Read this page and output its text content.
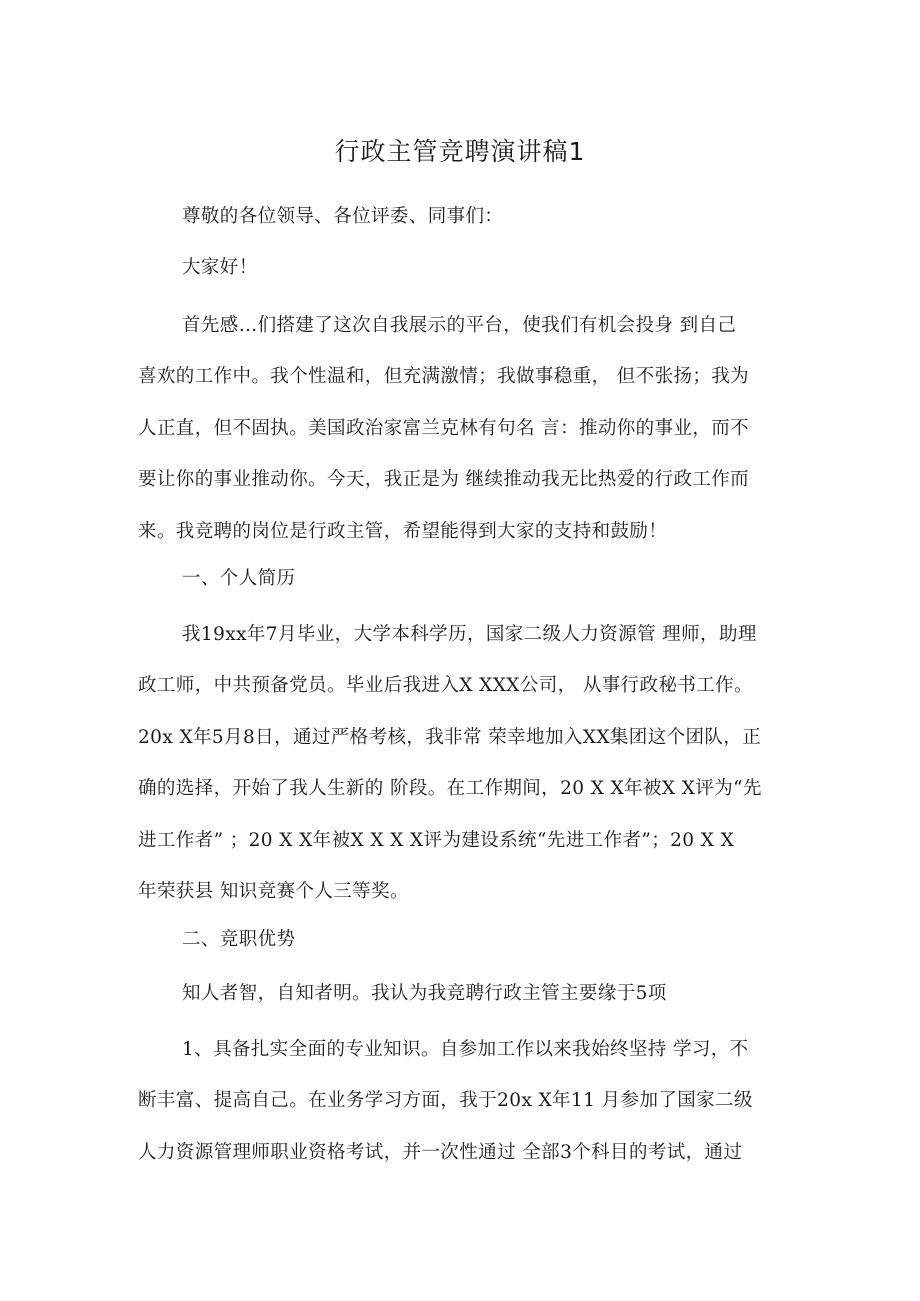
行政主管竞聘演讲稿1
尊敬的各位领导、各位评委、同事们：
大家好！
首先感…们搭建了这次自我展示的平台，使我们有机会投身 到自己
喜欢的工作中。我个性温和，但充满激情；我做事稳重， 但不张扬；我为
人正直，但不固执。美国政治家富兰克林有句名 言：推动你的事业，而不
要让你的事业推动你。今天，我正是为 继续推动我无比热爱的行政工作而
来。我竞聘的岗位是行政主管，希望能得到大家的支持和鼓励！
一、个人简历
我19xx年7月毕业，大学本科学历，国家二级人力资源管 理师，助理
政工师，中共预备党员。毕业后我进入X XXX公司， 从事行政秘书工作。
20x X年5月8日，通过严格考核，我非常 荣幸地加入XX集团这个团队，正
确的选择，开始了我人生新的 阶段。在工作期间，20 X X年被X X评为“先
进工作者” ；20 X X年被X X X X评为建设系统“先进工作者”；20 X X
年荣获县 知识竞赛个人三等奖。
二、竞职优势
知人者智，自知者明。我认为我竞聘行政主管主要缘于5项
1、具备扎实全面的专业知识。自参加工作以来我始终坚持 学习，不
断丰富、提高自己。在业务学习方面，我于20x X年11 月参加了国家二级
人力资源管理师职业资格考试，并一次性通过 全部3个科目的考试，通过
